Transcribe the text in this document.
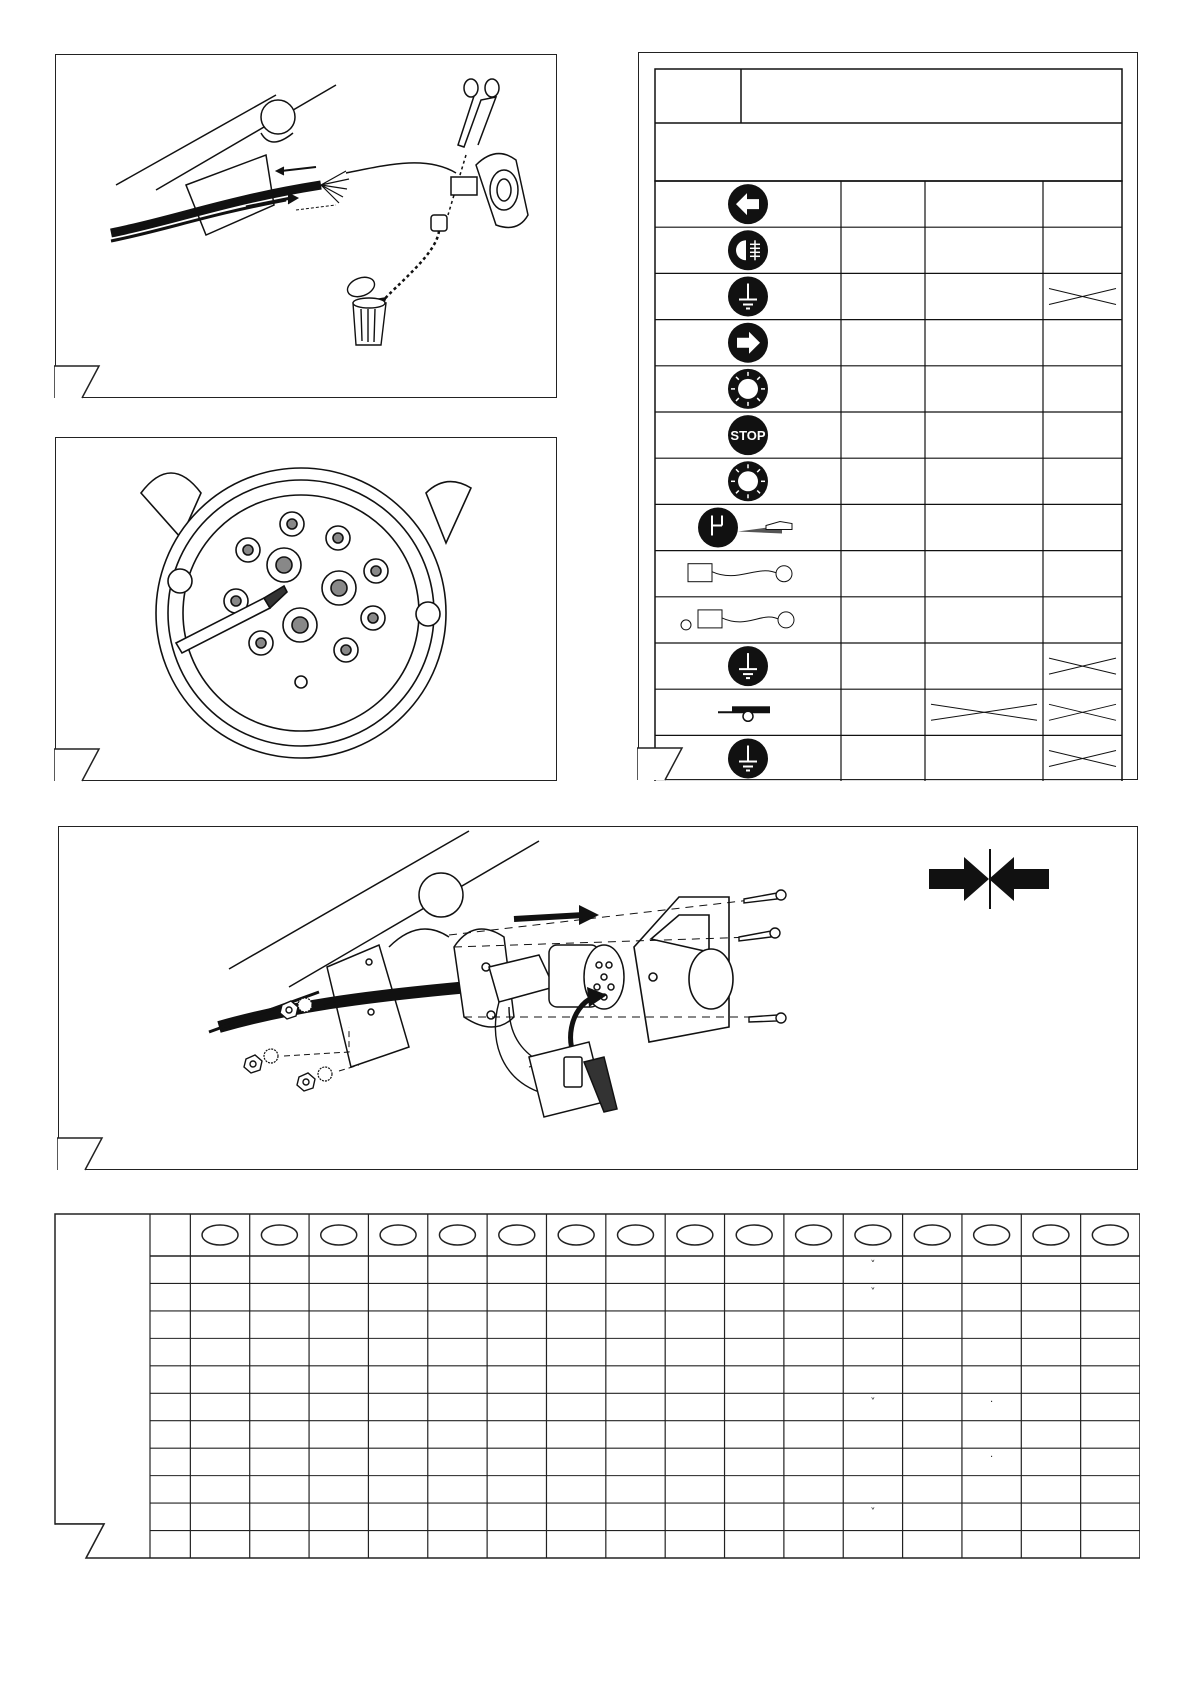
STOP
˅
˅
˅	·
·
˅
